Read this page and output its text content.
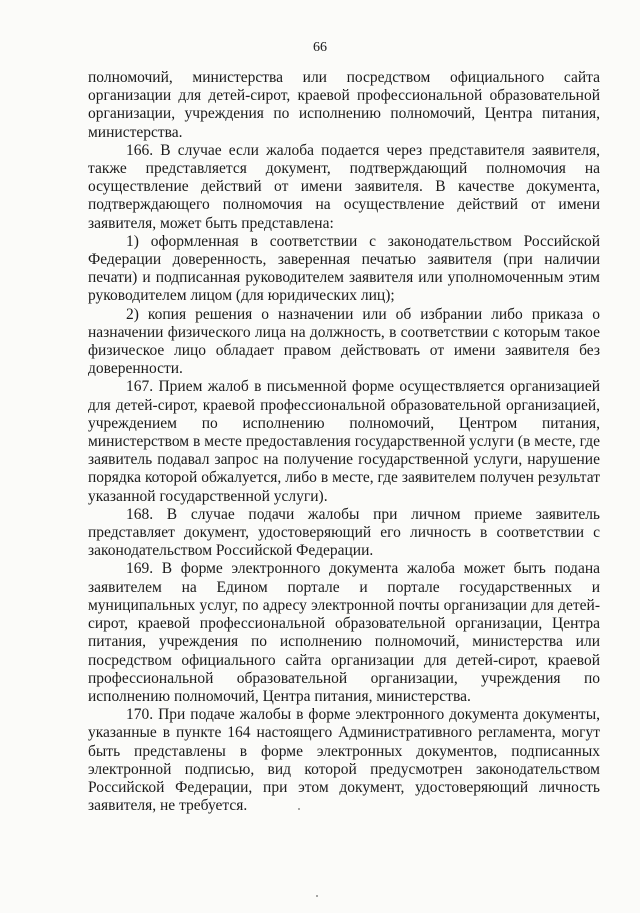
66

полномочий, министерства или посредством официального сайта организации для детей-сирот, краевой профессиональной образовательной организации, учреждения по исполнению полномочий, Центра питания, министерства.

166. В случае если жалоба подается через представителя заявителя, также представляется документ, подтверждающий полномочия на осуществление действий от имени заявителя. В качестве документа, подтверждающего полномочия на осуществление действий от имени заявителя, может быть представлена:

1) оформленная в соответствии с законодательством Российской Федерации доверенность, заверенная печатью заявителя (при наличии печати) и подписанная руководителем заявителя или уполномоченным этим руководителем лицом (для юридических лиц);

2) копия решения о назначении или об избрании либо приказа о назначении физического лица на должность, в соответствии с которым такое физическое лицо обладает правом действовать от имени заявителя без доверенности.

167. Прием жалоб в письменной форме осуществляется организацией для детей-сирот, краевой профессиональной образовательной организацией, учреждением по исполнению полномочий, Центром питания, министерством в месте предоставления государственной услуги (в месте, где заявитель подавал запрос на получение государственной услуги, нарушение порядка которой обжалуется, либо в месте, где заявителем получен результат указанной государственной услуги).

168. В случае подачи жалобы при личном приеме заявитель представляет документ, удостоверяющий его личность в соответствии с законодательством Российской Федерации.

169. В форме электронного документа жалоба может быть подана заявителем на Едином портале и портале государственных и муниципальных услуг, по адресу электронной почты организации для детей-сирот, краевой профессиональной образовательной организации, Центра питания, учреждения по исполнению полномочий, министерства или посредством официального сайта организации для детей-сирот, краевой профессиональной образовательной организации, учреждения по исполнению полномочий, Центра питания, министерства.

170. При подаче жалобы в форме электронного документа документы, указанные в пункте 164 настоящего Административного регламента, могут быть представлены в форме электронных документов, подписанных электронной подписью, вид которой предусмотрен законодательством Российской Федерации, при этом документ, удостоверяющий личность заявителя, не требуется.
